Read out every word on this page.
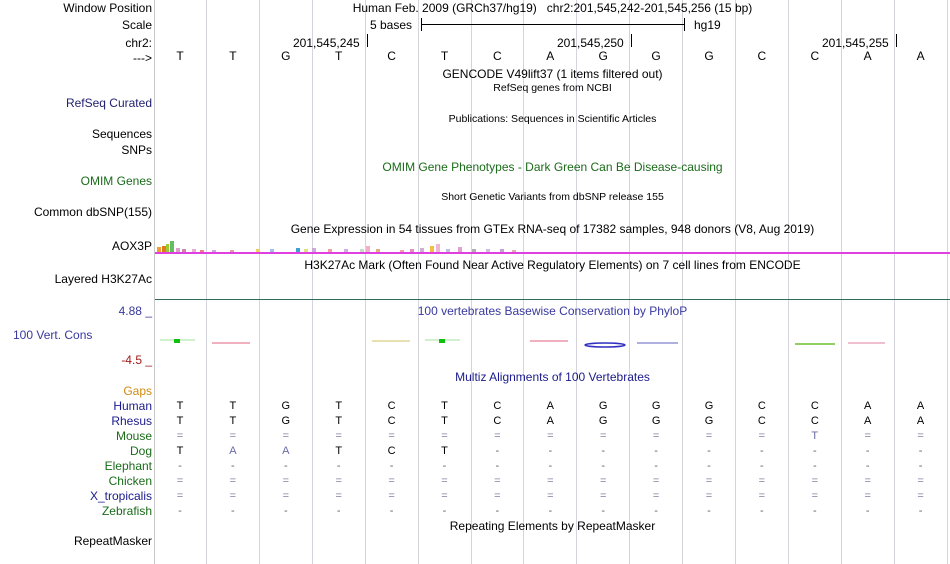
Window Position	Human Feb. 2009 (GRCh37/hg19)   chr2:201,545,242-201,545,256 (15 bp)
Scale	5 bases	hg19
chr2:	201,545,245	201,545,250	201,545,255
--->	T	T	G	T	C	T	C	A	G	G	G	C	C	A	A
GENCODE V49lift37 (1 items filtered out)
RefSeq genes from NCBI
RefSeq Curated
Publications: Sequences in Scientific Articles
Sequences
SNPs
OMIM Gene Phenotypes - Dark Green Can Be Disease-causing
OMIM Genes
Short Genetic Variants from dbSNP release 155
Common dbSNP(155)
Gene Expression in 54 tissues from GTEx RNA-seq of 17382 samples, 948 donors (V8, Aug 2019)
AOX3P
H3K27Ac Mark (Often Found Near Active Regulatory Elements) on 7 cell lines from ENCODE
Layered H3K27Ac
4.88 _	100 vertebrates Basewise Conservation by PhyloP
100 Vert. Cons
-4.5 _
Gaps
Multiz Alignments of 100 Vertebrates
Human	T	T	G	T	C	T	C	A	G	G	G	C	C	A	A
Rhesus	T	T	G	T	C	T	C	A	G	G	G	C	C	A	A
Mouse	=	=	=	=	=	=	=	=	=	=	=	=	T	=	=
Dog	T	A	A	T	C	T	-	-	-	-	-	-	-	-	-
Elephant	-	-	-	-	-	-	-	-	-	-	-	-	-	-	-
Chicken	=	=	=	=	=	=	=	=	=	=	=	=	=	=	=
X_tropicalis	=	=	=	=	=	=	=	=	=	=	=	=	=	=	=
Zebrafish	-	-	-	-	-	-	-	-	-	-	-	-	-	-	-
Repeating Elements by RepeatMasker
RepeatMasker
